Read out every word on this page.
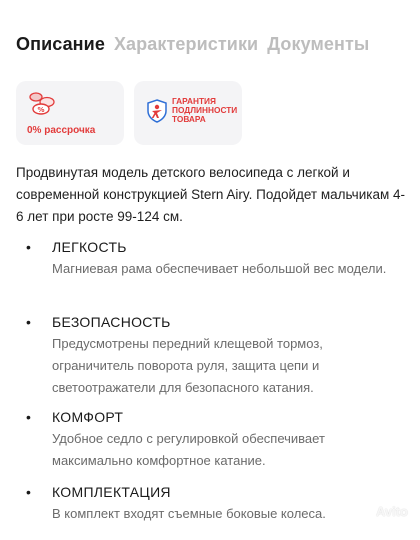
Описание Характеристики Документы
%
0% рассрочка
ГАРАНТИЯ
ПОДЛИННОСТИ
ТОВАРА
Продвинутая модель детского велосипеда с легкой и современной конструкцией Stern Airy. Подойдет мальчикам 4-6 лет при росте 99-124 см.
• ЛЕГКОСТЬ
Магниевая рама обеспечивает небольшой вес модели.
• БЕЗОПАСНОСТЬ
Предусмотрены передний клещевой тормоз, ограничитель поворота руля, защита цепи и светоотражатели для безопасного катания.
• КОМФОРТ
Удобное седло с регулировкой обеспечивает максимально комфортное катание.
• КОМПЛЕКТАЦИЯ
В комплект входят съемные боковые колеса.	Avito
